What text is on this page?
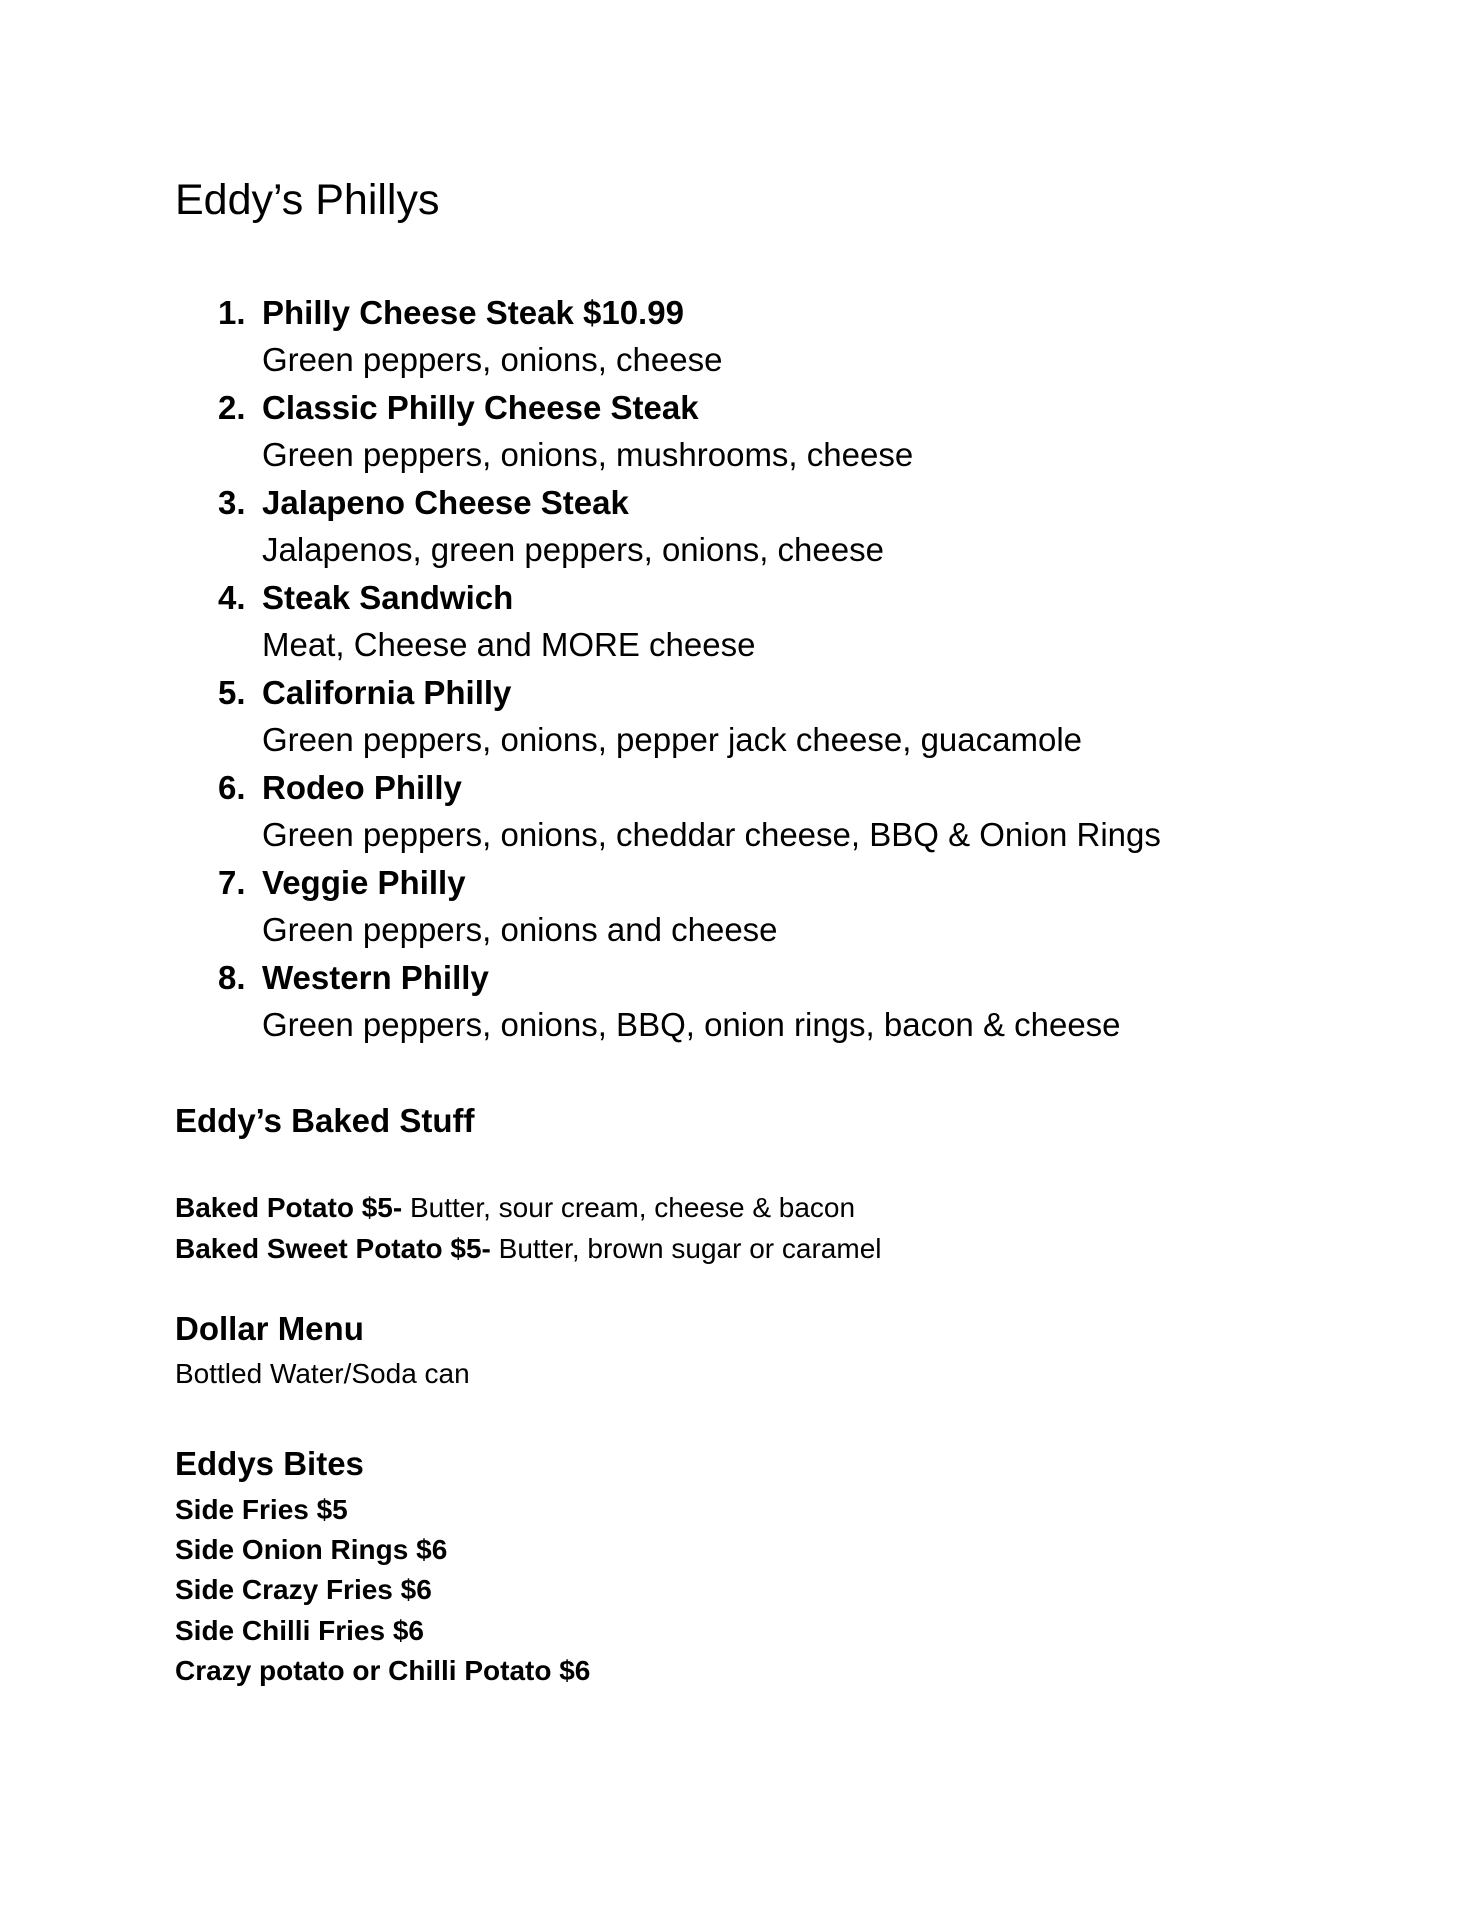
Eddy’s Phillys
1. Philly Cheese Steak $10.99
Green peppers, onions, cheese
2. Classic Philly Cheese Steak
Green peppers, onions, mushrooms, cheese
3. Jalapeno Cheese Steak
Jalapenos, green peppers, onions, cheese
4. Steak Sandwich
Meat, Cheese and MORE cheese
5. California Philly
Green peppers, onions, pepper jack cheese, guacamole
6. Rodeo Philly
Green peppers, onions, cheddar cheese, BBQ & Onion Rings
7. Veggie Philly
Green peppers, onions and cheese
8. Western Philly
Green peppers, onions, BBQ, onion rings, bacon & cheese
Eddy’s Baked Stuff
Baked Potato $5- Butter, sour cream, cheese & bacon
Baked Sweet Potato $5- Butter, brown sugar or caramel
Dollar Menu
Bottled Water/Soda can
Eddys Bites
Side Fries $5
Side Onion Rings $6
Side Crazy Fries $6
Side Chilli Fries $6
Crazy potato or Chilli Potato $6
